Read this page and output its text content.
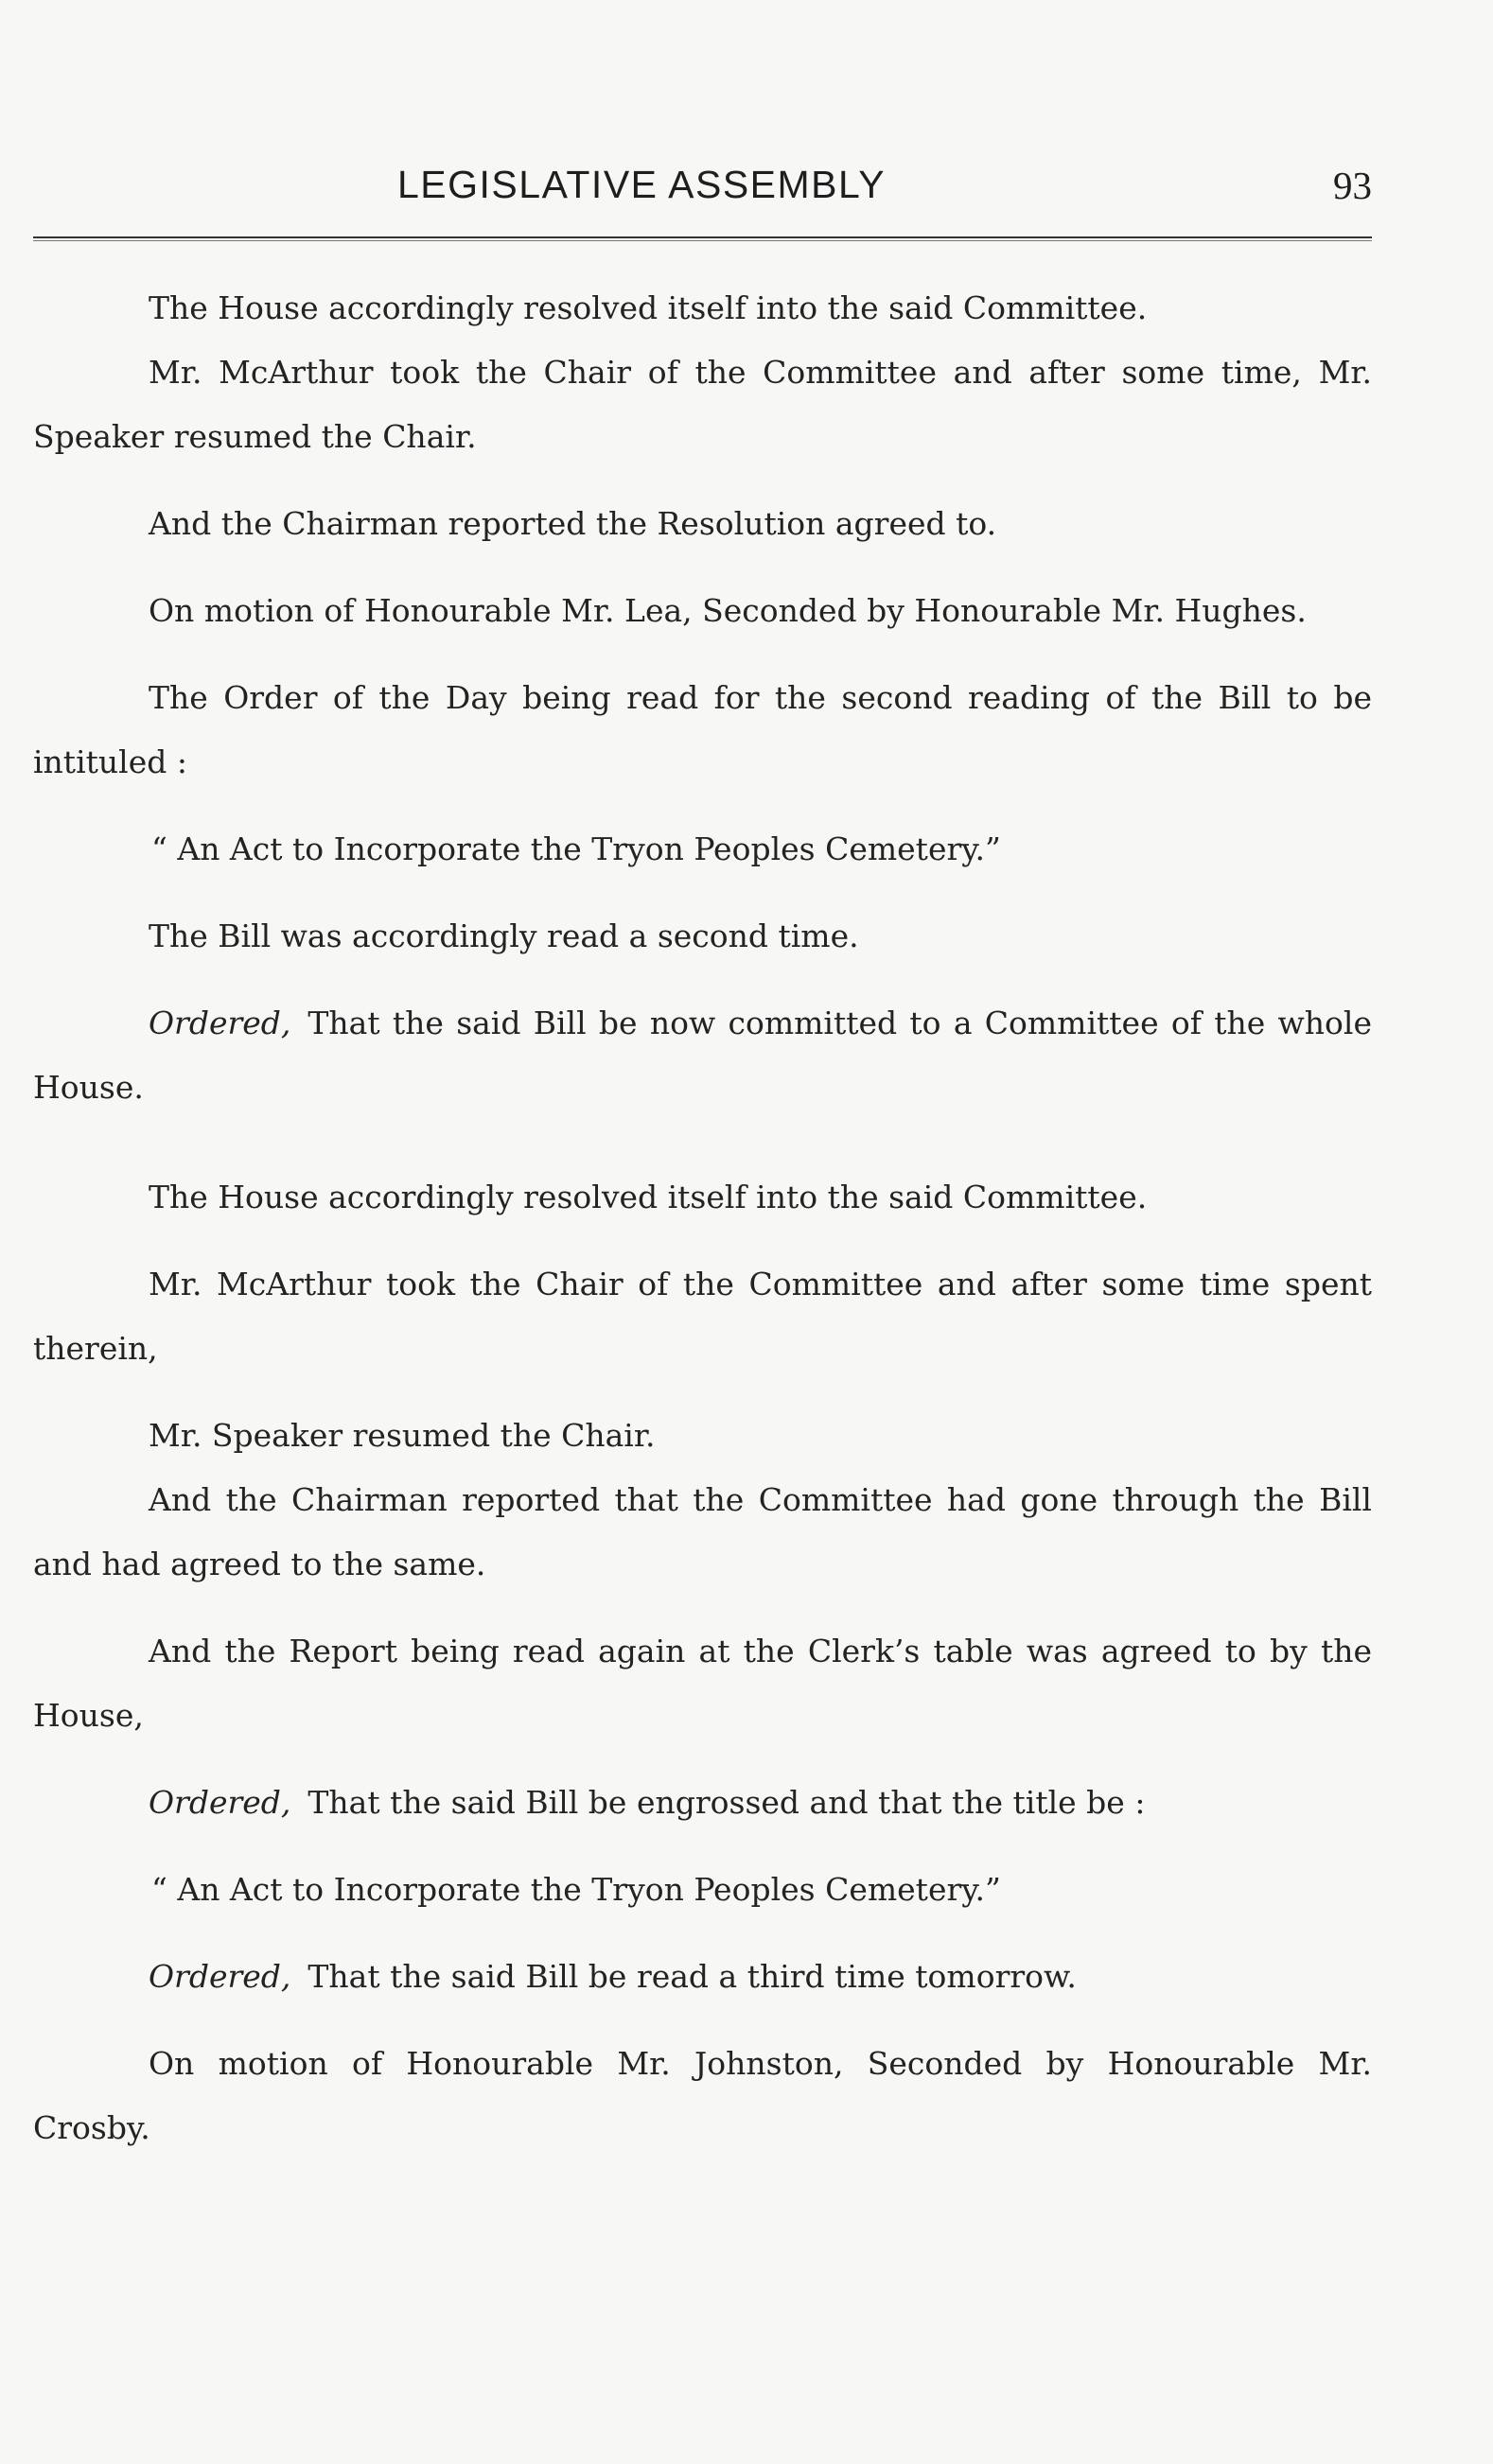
LEGISLATIVE ASSEMBLY	93

The House accordingly resolved itself into the said Committee.

Mr. McArthur took the Chair of the Committee and after some time, Mr. Speaker resumed the Chair.

And the Chairman reported the Resolution agreed to.

On motion of Honourable Mr. Lea, Seconded by Honourable Mr. Hughes.

The Order of the Day being read for the second reading of the Bill to be intituled :

“ An Act to Incorporate the Tryon Peoples Cemetery.”

The Bill was accordingly read a second time.

Ordered, That the said Bill be now committed to a Committee of the whole House.

The House accordingly resolved itself into the said Committee.

Mr. McArthur took the Chair of the Committee and after some time spent therein,

Mr. Speaker resumed the Chair.

And the Chairman reported that the Committee had gone through the Bill and had agreed to the same.

And the Report being read again at the Clerk’s table was agreed to by the House,

Ordered, That the said Bill be engrossed and that the title be :

“ An Act to Incorporate the Tryon Peoples Cemetery.”

Ordered, That the said Bill be read a third time tomorrow.

On motion of Honourable Mr. Johnston, Seconded by Honourable Mr. Crosby.
